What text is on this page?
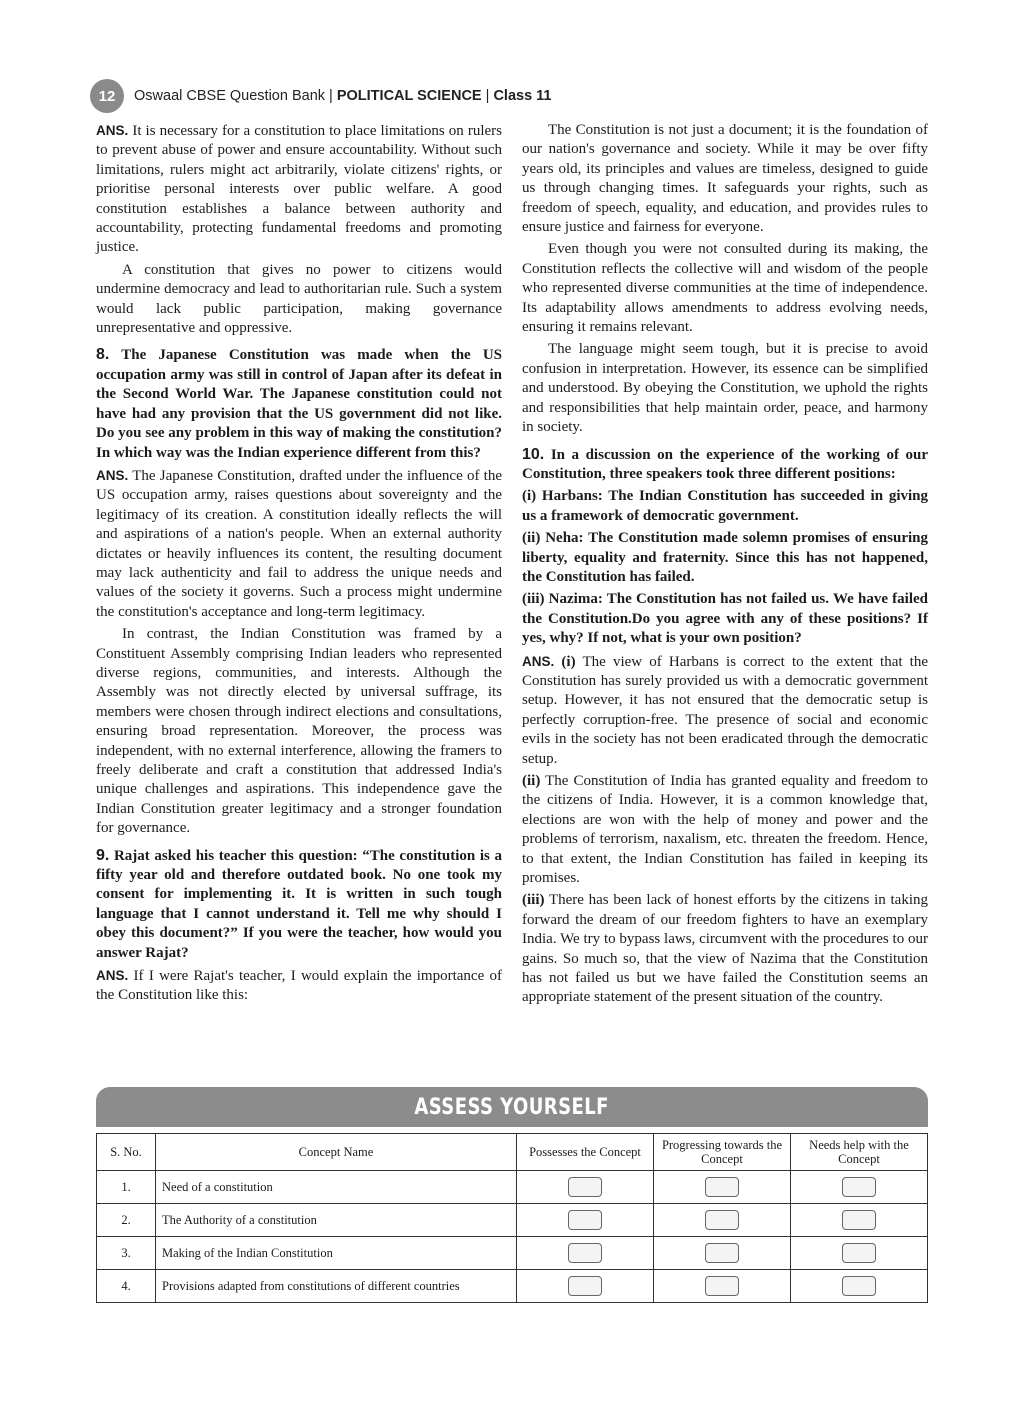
12	Oswaal CBSE Question Bank | POLITICAL SCIENCE | Class 11

ANS. It is necessary for a constitution to place limitations on rulers to prevent abuse of power and ensure accountability. Without such limitations, rulers might act arbitrarily, violate citizens' rights, or prioritise personal interests over public welfare. A good constitution establishes a balance between authority and accountability, protecting fundamental freedoms and promoting justice.

A constitution that gives no power to citizens would undermine democracy and lead to authoritarian rule. Such a system would lack public participation, making governance unrepresentative and oppressive.

8. The Japanese Constitution was made when the US occupation army was still in control of Japan after its defeat in the Second World War. The Japanese constitution could not have had any provision that the US government did not like. Do you see any problem in this way of making the constitution? In which way was the Indian experience different from this?

ANS. The Japanese Constitution, drafted under the influence of the US occupation army, raises questions about sovereignty and the legitimacy of its creation. A constitution ideally reflects the will and aspirations of a nation's people. When an external authority dictates or heavily influences its content, the resulting document may lack authenticity and fail to address the unique needs and values of the society it governs. Such a process might undermine the constitution's acceptance and long-term legitimacy.

In contrast, the Indian Constitution was framed by a Constituent Assembly comprising Indian leaders who represented diverse regions, communities, and interests. Although the Assembly was not directly elected by universal suffrage, its members were chosen through indirect elections and consultations, ensuring broad representation. Moreover, the process was independent, with no external interference, allowing the framers to freely deliberate and craft a constitution that addressed India's unique challenges and aspirations. This independence gave the Indian Constitution greater legitimacy and a stronger foundation for governance.

9. Rajat asked his teacher this question: “The constitution is a fifty year old and therefore outdated book. No one took my consent for implementing it. It is written in such tough language that I cannot understand it. Tell me why should I obey this document?” If you were the teacher, how would you answer Rajat?

ANS. If I were Rajat's teacher, I would explain the importance of the Constitution like this:

The Constitution is not just a document; it is the foundation of our nation's governance and society. While it may be over fifty years old, its principles and values are timeless, designed to guide us through changing times. It safeguards your rights, such as freedom of speech, equality, and education, and provides rules to ensure justice and fairness for everyone.

Even though you were not consulted during its making, the Constitution reflects the collective will and wisdom of the people who represented diverse communities at the time of independence. Its adaptability allows amendments to address evolving needs, ensuring it remains relevant.

The language might seem tough, but it is precise to avoid confusion in interpretation. However, its essence can be simplified and understood. By obeying the Constitution, we uphold the rights and responsibilities that help maintain order, peace, and harmony in society.

10. In a discussion on the experience of the working of our Constitution, three speakers took three different positions:

(i) Harbans: The Indian Constitution has succeeded in giving us a framework of democratic government.

(ii) Neha: The Constitution made solemn promises of ensuring liberty, equality and fraternity. Since this has not happened, the Constitution has failed.

(iii) Nazima: The Constitution has not failed us. We have failed the Constitution.Do you agree with any of these positions? If yes, why? If not, what is your own position?

ANS. (i) The view of Harbans is correct to the extent that the Constitution has surely provided us with a democratic government setup. However, it has not ensured that the democratic setup is perfectly corruption-free. The presence of social and economic evils in the society has not been eradicated through the democratic setup.

(ii) The Constitution of India has granted equality and freedom to the citizens of India. However, it is a common knowledge that, elections are won with the help of money and power and the problems of terrorism, naxalism, etc. threaten the freedom. Hence, to that extent, the Indian Constitution has failed in keeping its promises.

(iii) There has been lack of honest efforts by the citizens in taking forward the dream of our freedom fighters to have an exemplary India. We try to bypass laws, circumvent with the procedures to our gains. So much so, that the view of Nazima that the Constitution has not failed us but we have failed the Constitution seems an appropriate statement of the present situation of the country.

ASSESS YOURSELF
S. No.	Concept Name	Possesses the Concept	Progressing towards the Concept	Needs help with the Concept
1.	Need of a constitution			
2.	The Authority of a constitution			
3.	Making of the Indian Constitution			
4.	Provisions adapted from constitutions of different countries			
